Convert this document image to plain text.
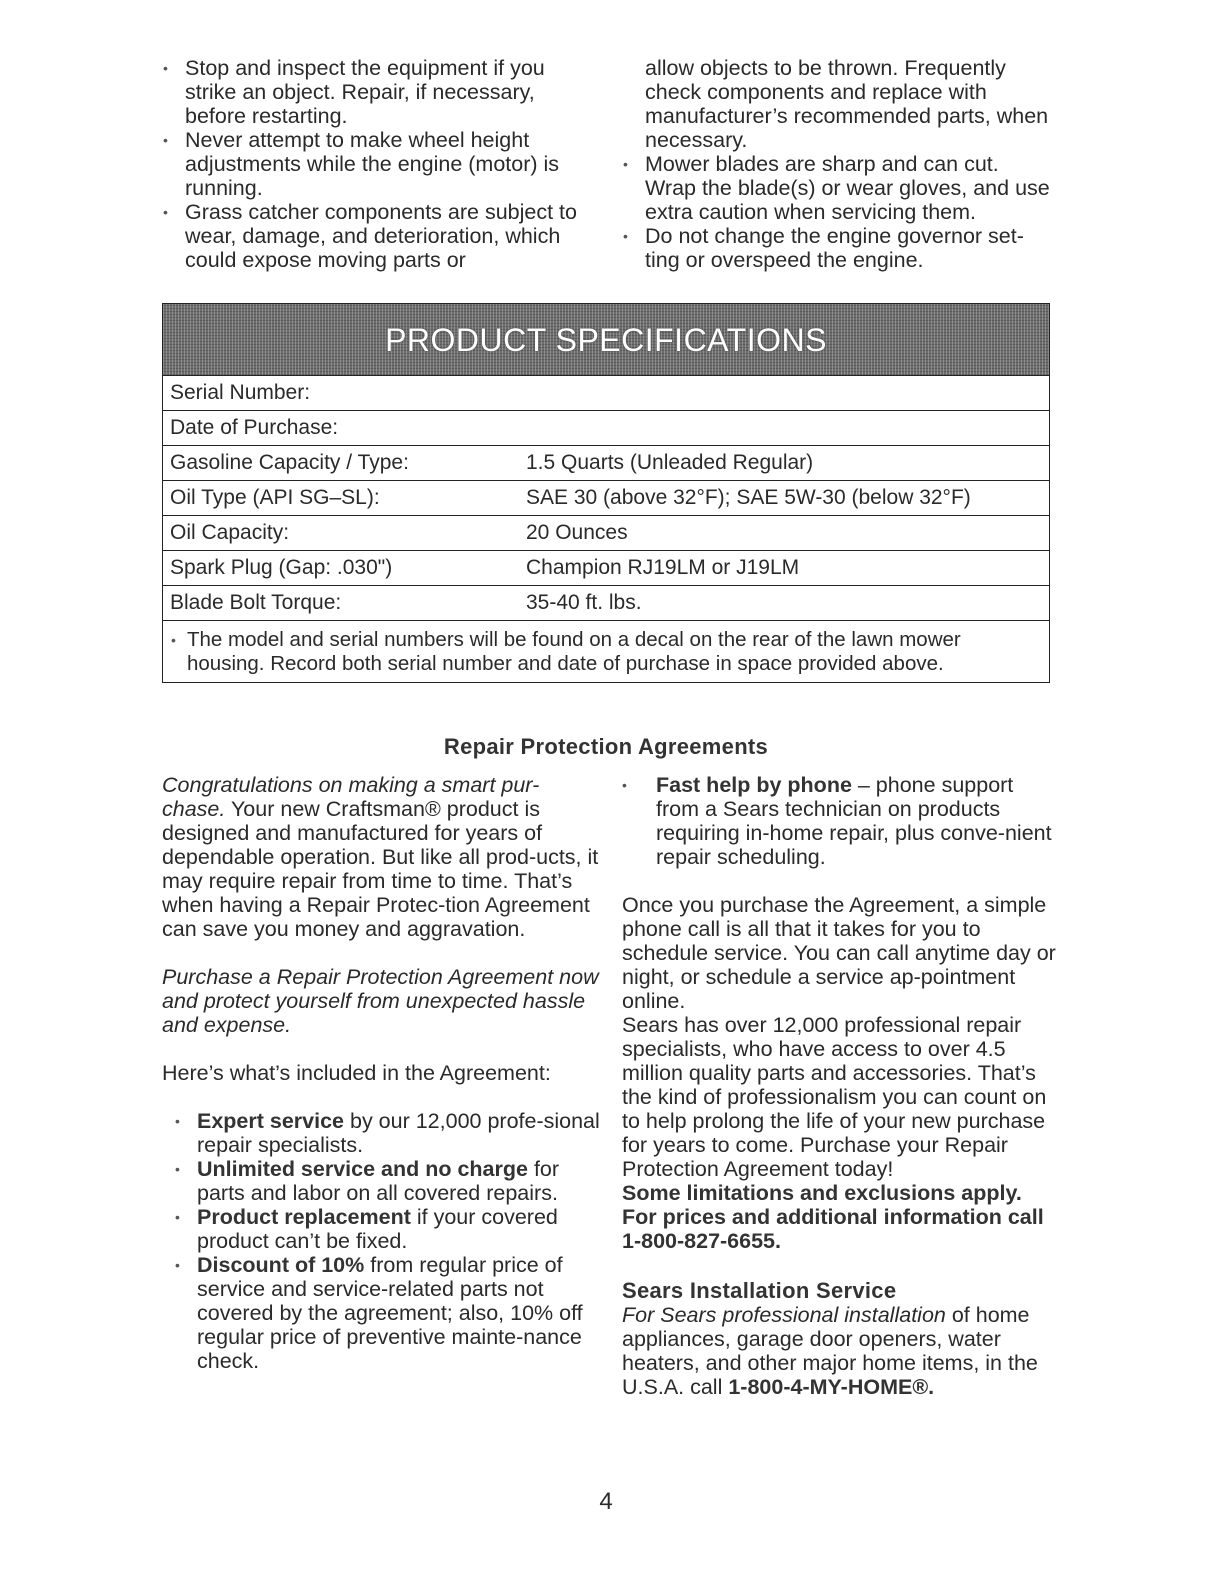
• Stop and inspect the equipment if you strike an object. Repair, if necessary, before restarting.
• Never attempt to make wheel height adjustments while the engine (motor) is running.
• Grass catcher components are subject to wear, damage, and deterioration, which could expose moving parts or

allow objects to be thrown. Frequently check components and replace with manufacturer’s recommended parts, when necessary.

• Mower blades are sharp and can cut. Wrap the blade(s) or wear gloves, and use extra caution when servicing them.
• Do not change the engine governor set-ting or overspeed the engine.
PRODUCT SPECIFICATIONS
Serial Number:
Date of Purchase:
Gasoline Capacity / Type:	1.5 Quarts (Unleaded Regular)
Oil Type (API SG–SL):	SAE 30 (above 32°F); SAE 5W-30 (below 32°F)
Oil Capacity:	20 Ounces
Spark Plug (Gap: .030")	Champion RJ19LM or J19LM
Blade Bolt Torque:	35-40 ft. lbs.
• The model and serial numbers will be found on a decal on the rear of the lawn mower housing. Record both serial number and date of purchase in space provided above.
Repair Protection Agreements

Congratulations on making a smart pur-chase. Your new Craftsman® product is designed and manufactured for years of dependable operation. But like all prod-ucts, it may require repair from time to time. That’s when having a Repair Protec-tion Agreement can save you money and aggravation.

Purchase a Repair Protection Agreement now and protect yourself from unexpected hassle and expense.

Here’s what’s included in the Agreement:

• Expert service by our 12,000 profe-sional repair specialists.
• Unlimited service and no charge for parts and labor on all covered repairs.
• Product replacement if your covered product can’t be fixed.
• Discount of 10% from regular price of service and service-related parts not covered by the agreement; also, 10% off regular price of preventive mainte-nance check.
• Fast help by phone – phone support from a Sears technician on products requiring in-home repair, plus conve-nient repair scheduling.

Once you purchase the Agreement, a simple phone call is all that it takes for you to schedule service. You can call anytime day or night, or schedule a service ap-pointment online.

Sears has over 12,000 professional repair specialists, who have access to over 4.5 million quality parts and accessories. That’s the kind of professionalism you can count on to help prolong the life of your new purchase for years to come. Purchase your Repair Protection Agreement today!

Some limitations and exclusions apply. For prices and additional information call 1-800-827-6655.

Sears Installation Service

For Sears professional installation of home appliances, garage door openers, water heaters, and other major home items, in the U.S.A. call 1-800-4-MY-HOME®.

4
